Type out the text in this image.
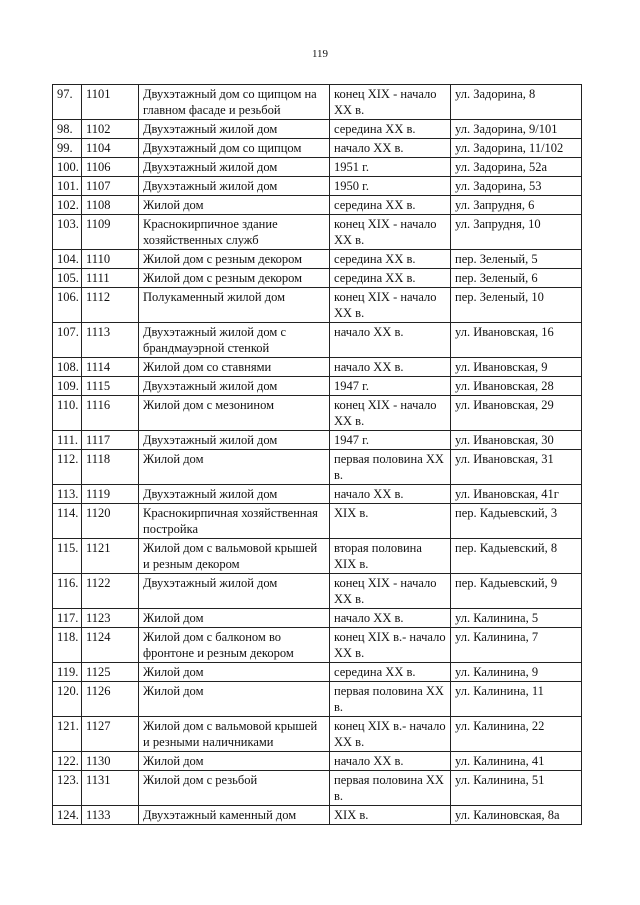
119
97.	1101	Двухэтажный дом со щипцом на главном фасаде и резьбой	конец XIX - начало XX в.	ул. Задорина, 8
98.	1102	Двухэтажный жилой дом	середина XX в.	ул. Задорина, 9/101
99.	1104	Двухэтажный дом со щипцом	начало XX в.	ул. Задорина, 11/102
100.	1106	Двухэтажный жилой дом	1951 г.	ул. Задорина, 52а
101.	1107	Двухэтажный жилой дом	1950 г.	ул. Задорина, 53
102.	1108	Жилой дом	середина XX в.	ул. Запрудня, 6
103.	1109	Краснокирпичное здание хозяйственных служб	конец XIX - начало XX в.	ул. Запрудня, 10
104.	1110	Жилой дом с резным декором	середина XX в.	пер. Зеленый, 5
105.	1111	Жилой дом с резным декором	середина XX в.	пер. Зеленый, 6
106.	1112	Полукаменный жилой дом	конец XIX - начало XX в.	пер. Зеленый, 10
107.	1113	Двухэтажный жилой дом с брандмауэрной стенкой	начало XX в.	ул. Ивановская, 16
108.	1114	Жилой дом со ставнями	начало XX в.	ул. Ивановская, 9
109.	1115	Двухэтажный жилой дом	1947 г.	ул. Ивановская, 28
110.	1116	Жилой дом с мезонином	конец XIX - начало XX в.	ул. Ивановская, 29
111.	1117	Двухэтажный жилой дом	1947 г.	ул. Ивановская, 30
112.	1118	Жилой дом	первая половина XX в.	ул. Ивановская, 31
113.	1119	Двухэтажный жилой дом	начало XX в.	ул. Ивановская, 41г
114.	1120	Краснокирпичная хозяйственная постройка	XIX в.	пер. Кадыевский, 3
115.	1121	Жилой дом с вальмовой крышей и резным декором	вторая половина XIX в.	пер. Кадыевский, 8
116.	1122	Двухэтажный жилой дом	конец XIX - начало XX в.	пер. Кадыевский, 9
117.	1123	Жилой дом	начало XX в.	ул. Калинина, 5
118.	1124	Жилой дом с балконом во фронтоне и резным декором	конец XIX в.- начало XX в.	ул. Калинина, 7
119.	1125	Жилой дом	середина XX в.	ул. Калинина, 9
120.	1126	Жилой дом	первая половина XX в.	ул. Калинина, 11
121.	1127	Жилой дом с вальмовой крышей и резными наличниками	конец XIX в.- начало XX в.	ул. Калинина, 22
122.	1130	Жилой дом	начало XX в.	ул. Калинина, 41
123.	1131	Жилой дом с резьбой	первая половина XX в.	ул. Калинина, 51
124.	1133	Двухэтажный каменный дом	XIX в.	ул. Калиновская, 8а
